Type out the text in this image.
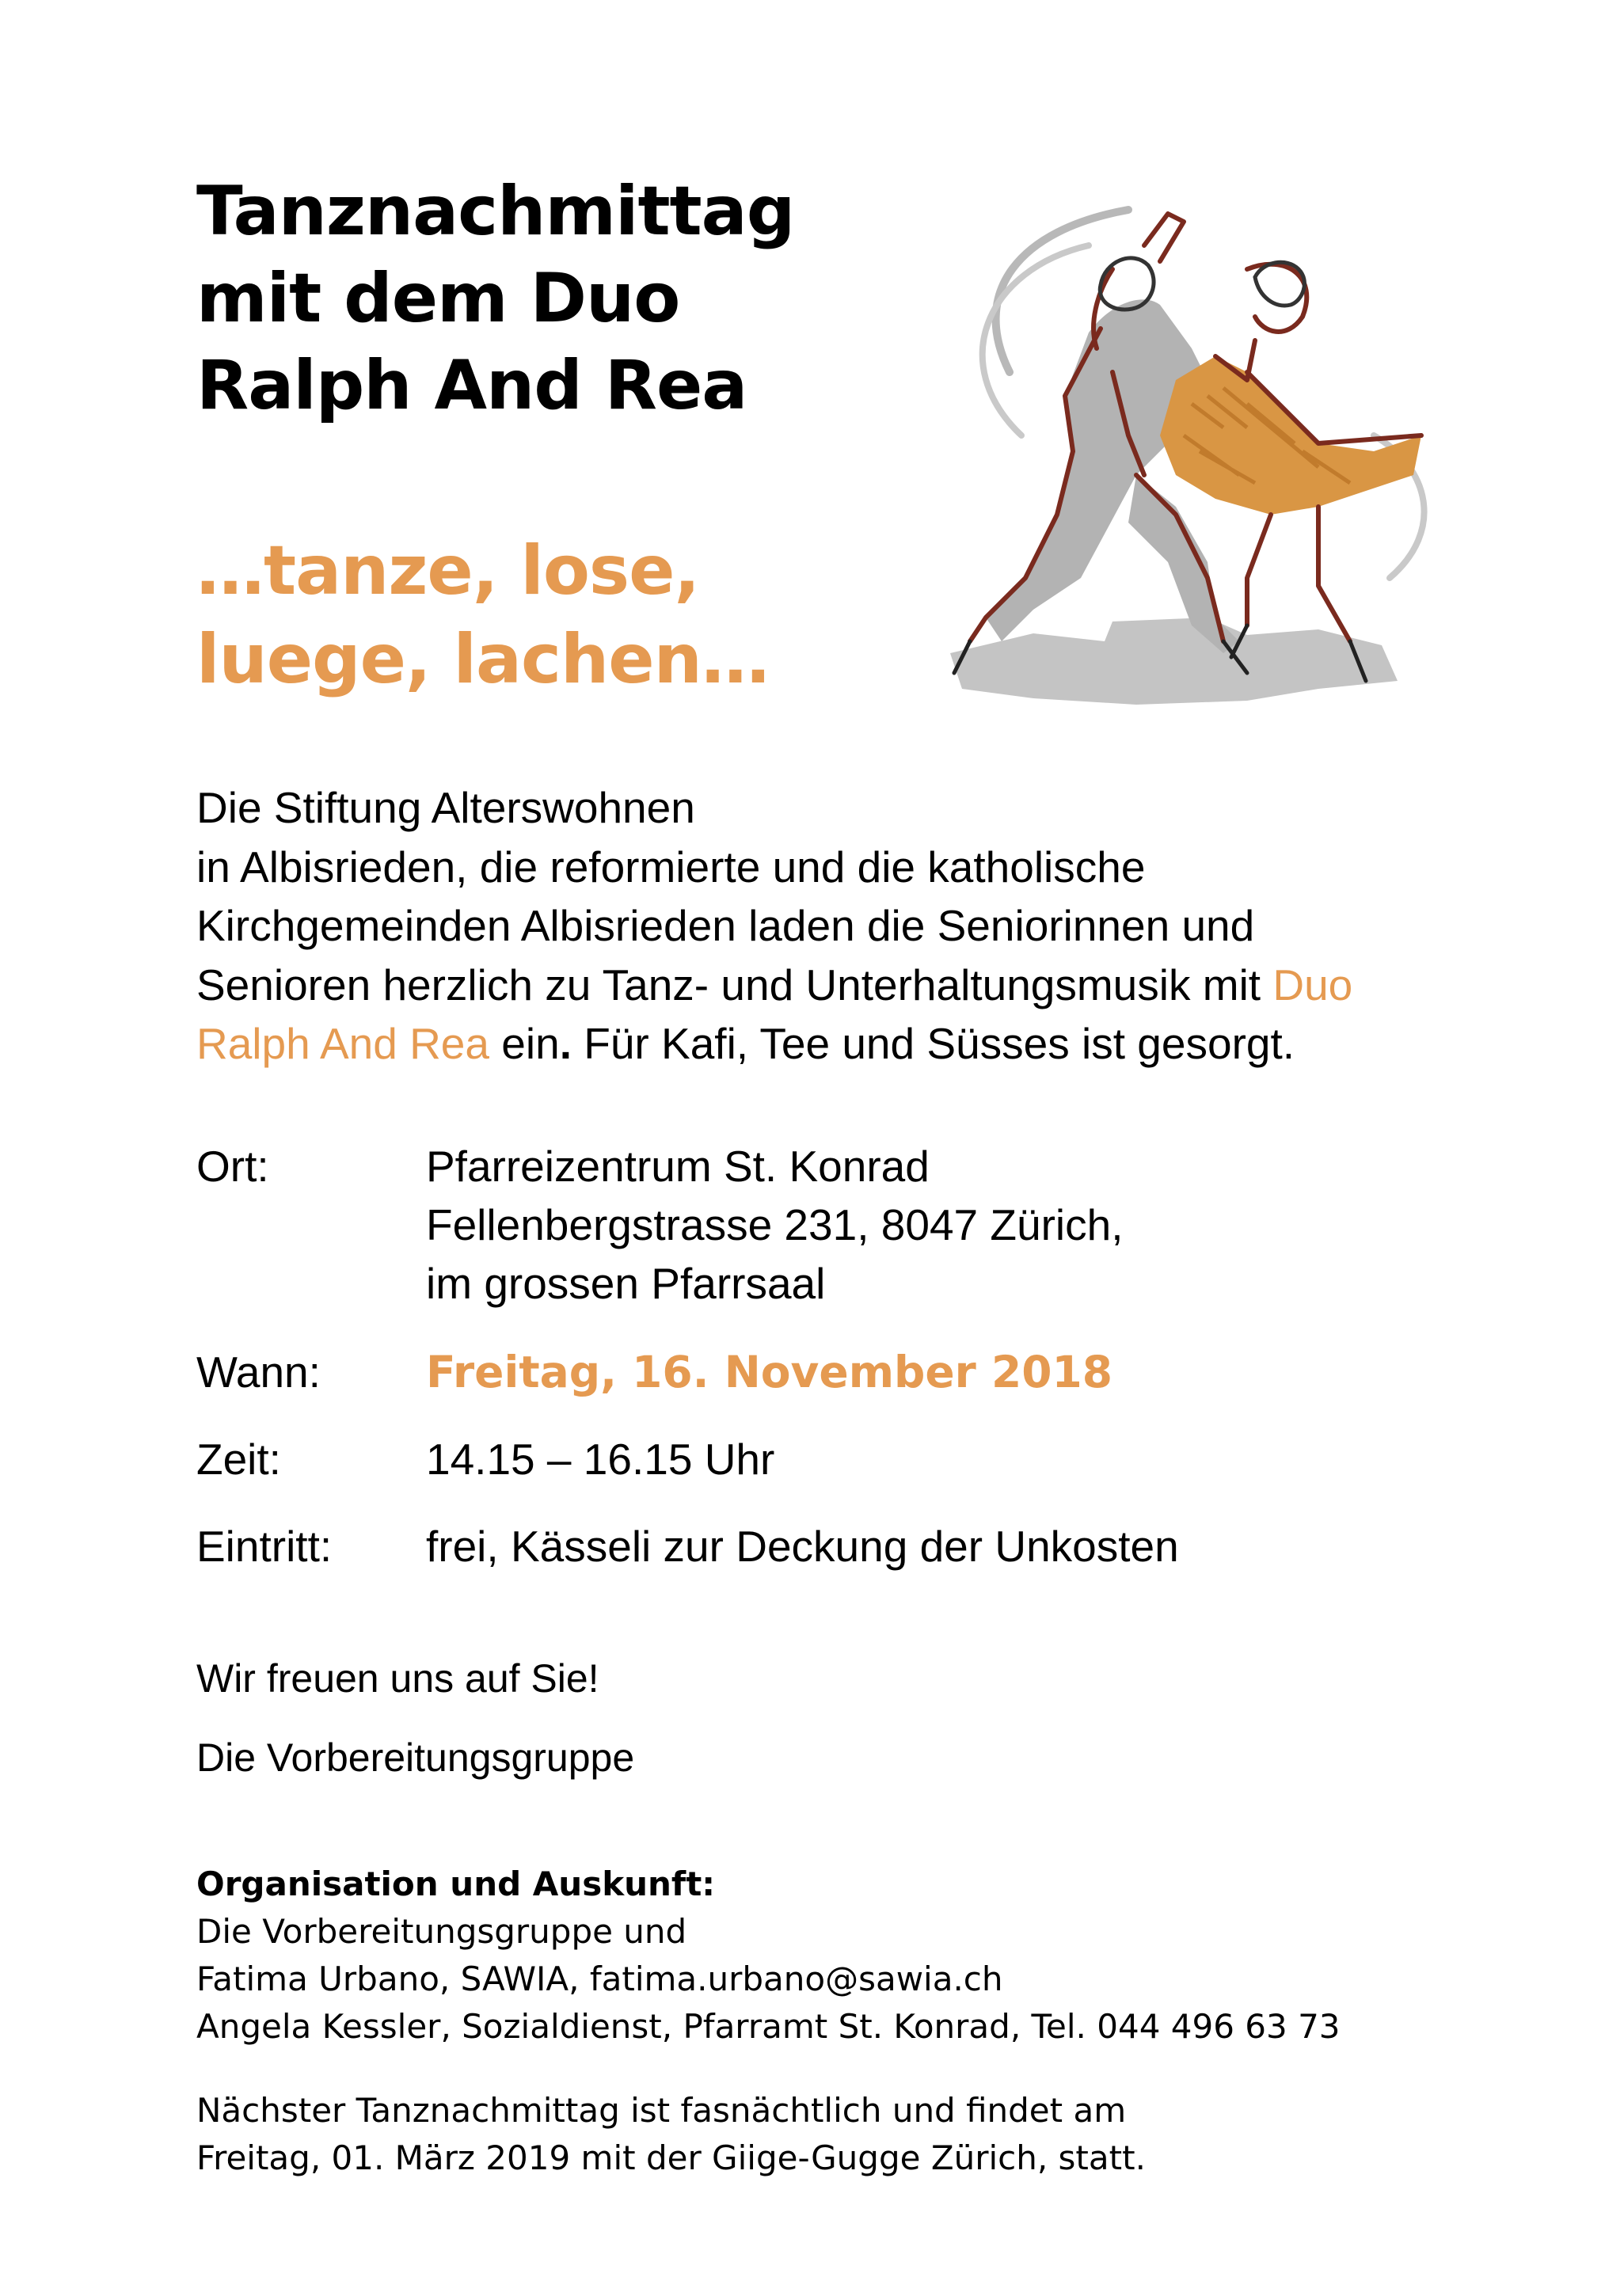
Tanznachmittag
mit dem Duo
Ralph And Rea
…tanze, lose,
luege, lachen…
Die Stiftung Alterswohnen
in Albisrieden, die reformierte und die katholische
Kirchgemeinden Albisrieden laden die Seniorinnen und
Senioren herzlich zu Tanz- und Unterhaltungsmusik mit Duo
Ralph And Rea ein. Für Kafi, Tee und Süsses ist gesorgt.
Ort:	Pfarreizentrum St. Konrad
Fellenbergstrasse 231, 8047 Zürich,
im grossen Pfarrsaal
Wann: Freitag, 16. November 2018
Zeit:	14.15 – 16.15 Uhr
Eintritt: frei, Kässeli zur Deckung der Unkosten
Wir freuen uns auf Sie!
Die Vorbereitungsgruppe
Organisation und Auskunft:
Die Vorbereitungsgruppe und
Fatima Urbano, SAWIA, fatima.urbano@sawia.ch
Angela Kessler, Sozialdienst, Pfarramt St. Konrad, Tel. 044 496 63 73
Nächster Tanznachmittag ist fasnächtlich und findet am
Freitag, 01. März 2019 mit der Giige-Gugge Zürich, statt.
